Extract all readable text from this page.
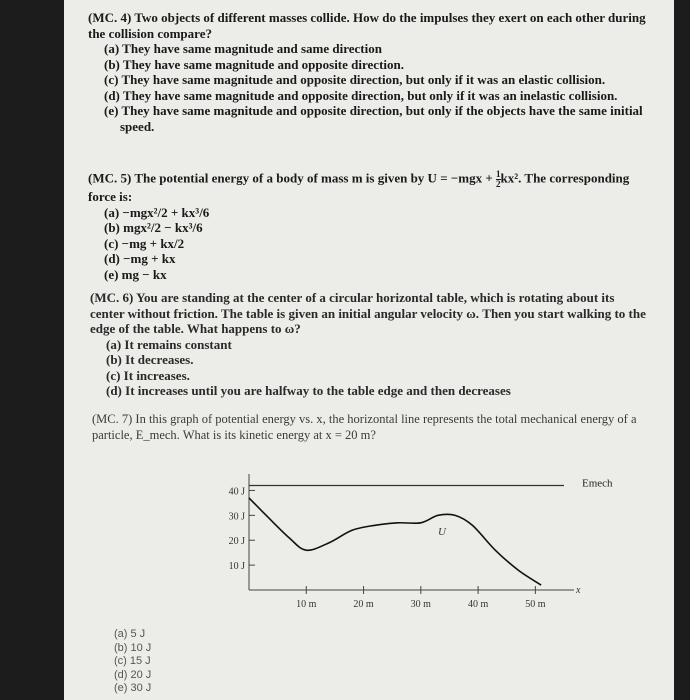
(MC. 4) Two objects of different masses collide. How do the impulses they exert on each other during the collision compare?

(a) They have same magnitude and same direction

(b) They have same magnitude and opposite direction.

(c) They have same magnitude and opposite direction, but only if it was an elastic collision.

(d) They have same magnitude and opposite direction, but only if it was an inelastic collision.

(e) They have same magnitude and opposite direction, but only if the objects have the same initial speed.

(MC. 5) The potential energy of a body of mass m is given by $U = -mgx + \frac{1}{2} kx^2$. The corresponding force is:

(a) −mgx²/2 + kx³/6

(b) mgx²/2 − kx³/6

(c) −mg + kx/2

(d) −mg + kx

(e) mg − kx

(MC. 6) You are standing at the center of a circular horizontal table, which is rotating about its center without friction. The table is given an initial angular velocity ω. Then you start walking to the edge of the table. What happens to ω?

(a) It remains constant

(b) It decreases.

(c) It increases.

(d) It increases until you are halfway to the table edge and then decreases

(MC. 7) In this graph of potential energy vs. x, the horizontal line represents the total mechanical energy of a particle, E_mech. What is its kinetic energy at x = 20 m?

10 m	20 m	30 m	40 m	50 m
x
10 J
20 J
30 J
40 J
Emech
U
(a) 5 J
(b) 10 J
(c) 15 J
(d) 20 J
(e) 30 J
